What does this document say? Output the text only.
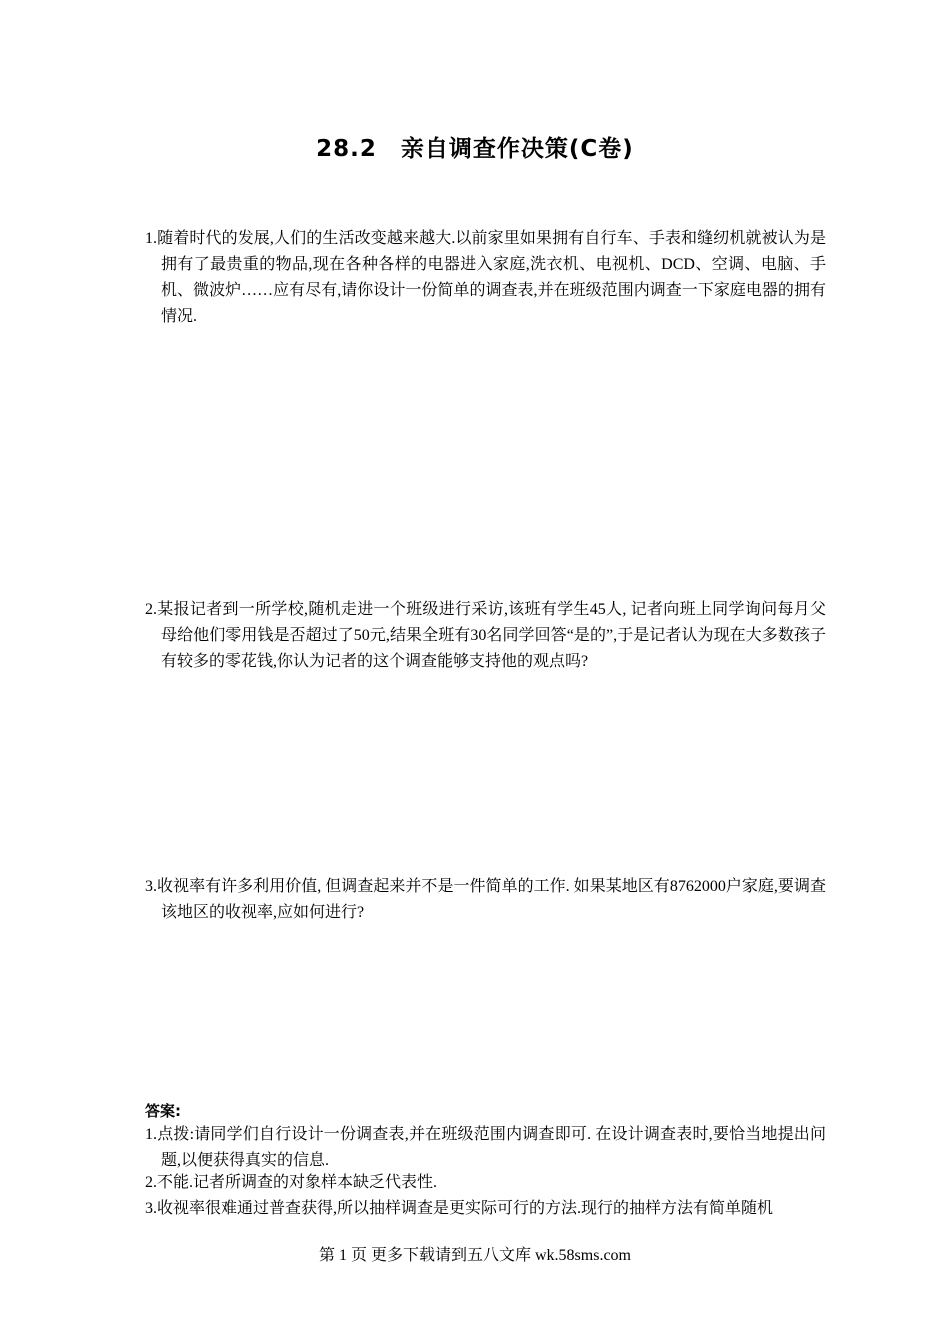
28.2　亲自调查作决策(C卷)
1.随着时代的发展,人们的生活改变越来越大.以前家里如果拥有自行车、手表和缝纫机就被认为是拥有了最贵重的物品,现在各种各样的电器进入家庭,洗衣机、电视机、DCD、空调、电脑、手机、微波炉……应有尽有,请你设计一份简单的调查表,并在班级范围内调查一下家庭电器的拥有情况.
2.某报记者到一所学校,随机走进一个班级进行采访,该班有学生45人, 记者向班上同学询问每月父母给他们零用钱是否超过了50元,结果全班有30名同学回答“是的”,于是记者认为现在大多数孩子有较多的零花钱,你认为记者的这个调查能够支持他的观点吗?
3.收视率有许多利用价值, 但调查起来并不是一件简单的工作. 如果某地区有8762000户家庭,要调查该地区的收视率,应如何进行?
答案:
1.点拨:请同学们自行设计一份调查表,并在班级范围内调查即可. 在设计调查表时,要恰当地提出问题,以便获得真实的信息.
2.不能.记者所调查的对象样本缺乏代表性.
3.收视率很难通过普查获得,所以抽样调查是更实际可行的方法.现行的抽样方法有简单随机
第 1 页 更多下载请到五八文库 wk.58sms.com
